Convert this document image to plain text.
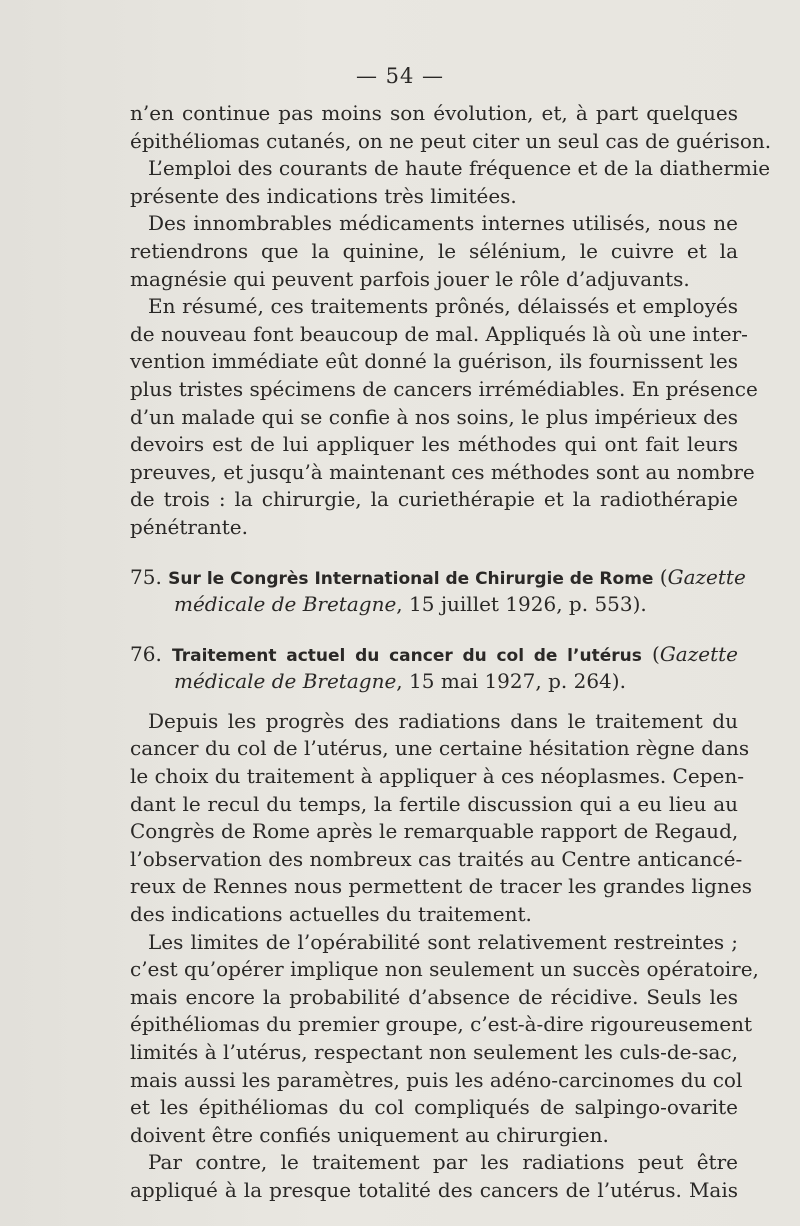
— 54 —
n’en continue pas moins son évolution, et, à part quelques
épithéliomas cutanés, on ne peut citer un seul cas de guérison.
L’emploi des courants de haute fréquence et de la diathermie
présente des indications très limitées.
Des innombrables médicaments internes utilisés, nous ne
retiendrons que la quinine, le sélénium, le cuivre et la
magnésie qui peuvent parfois jouer le rôle d’adjuvants.
En résumé, ces traitements prônés, délaissés et employés
de nouveau font beaucoup de mal. Appliqués là où une inter-
vention immédiate eût donné la guérison, ils fournissent les
plus tristes spécimens de cancers irrémédiables. En présence
d’un malade qui se confie à nos soins, le plus impérieux des
devoirs est de lui appliquer les méthodes qui ont fait leurs
preuves, et jusqu’à maintenant ces méthodes sont au nombre
de trois : la chirurgie, la curiethérapie et la radiothérapie
pénétrante.
75. Sur le Congrès International de Chirurgie de Rome (Gazette
médicale de Bretagne, 15 juillet 1926, p. 553).
76. Traitement actuel du cancer du col de l’utérus (Gazette
médicale de Bretagne, 15 mai 1927, p. 264).
Depuis les progrès des radiations dans le traitement du
cancer du col de l’utérus, une certaine hésitation règne dans
le choix du traitement à appliquer à ces néoplasmes. Cepen-
dant le recul du temps, la fertile discussion qui a eu lieu au
Congrès de Rome après le remarquable rapport de Regaud,
l’observation des nombreux cas traités au Centre anticancé-
reux de Rennes nous permettent de tracer les grandes lignes
des indications actuelles du traitement.
Les limites de l’opérabilité sont relativement restreintes ;
c’est qu’opérer implique non seulement un succès opératoire,
mais encore la probabilité d’absence de récidive. Seuls les
épithéliomas du premier groupe, c’est-à-dire rigoureusement
limités à l’utérus, respectant non seulement les culs-de-sac,
mais aussi les paramètres, puis les adéno-carcinomes du col
et les épithéliomas du col compliqués de salpingo-ovarite
doivent être confiés uniquement au chirurgien.
Par contre, le traitement par les radiations peut être
appliqué à la presque totalité des cancers de l’utérus. Mais
